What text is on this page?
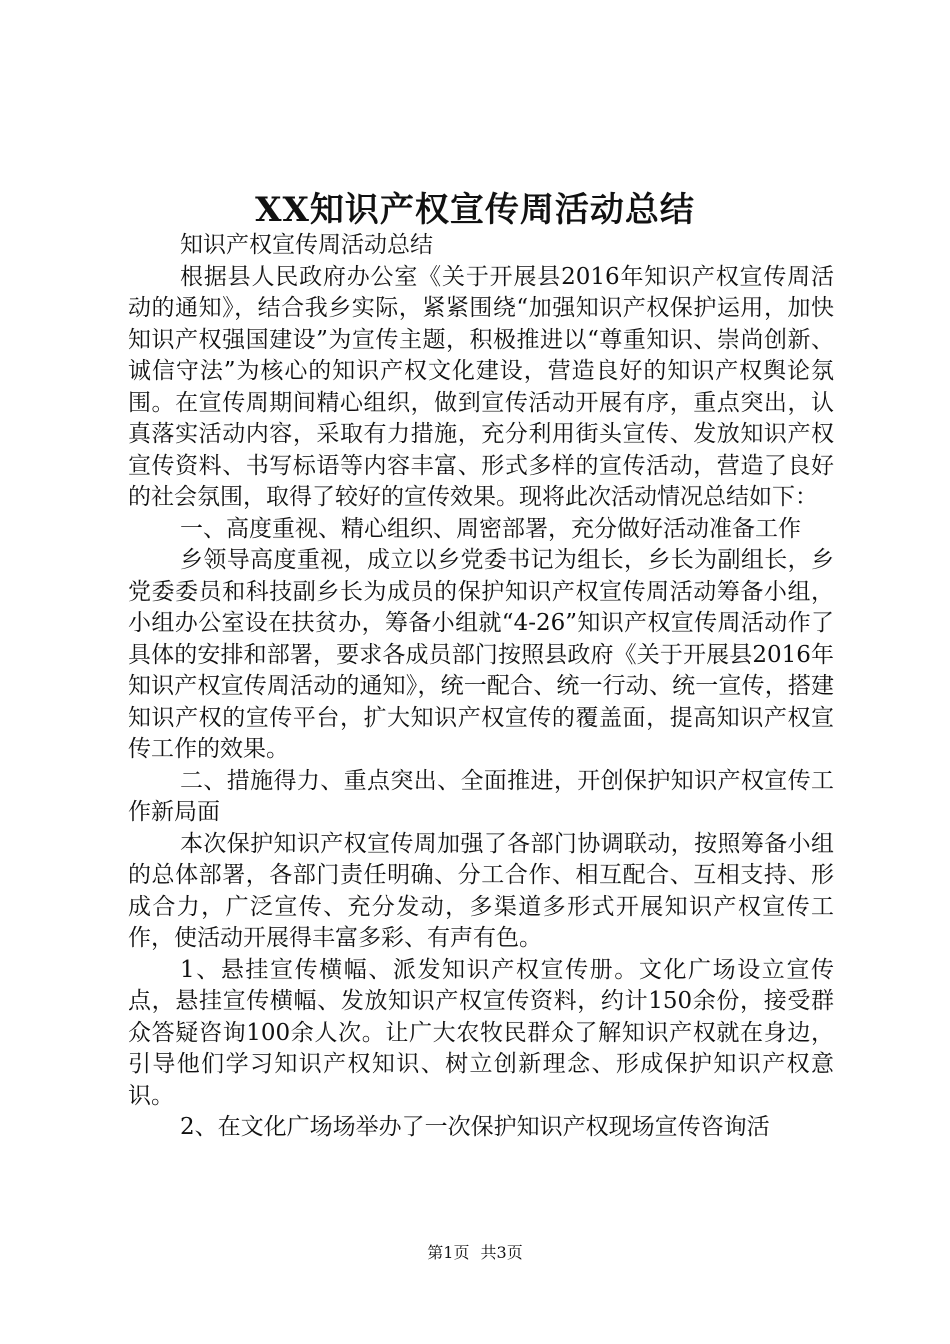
XX知识产权宣传周活动总结

知识产权宣传周活动总结

根据县人民政府办公室《关于开展县2016年知识产权宣传周活动的通知》，结合我乡实际，紧紧围绕“加强知识产权保护运用，加快知识产权强国建设”为宣传主题，积极推进以“尊重知识、崇尚创新、诚信守法”为核心的知识产权文化建设，营造良好的知识产权舆论氛围。在宣传周期间精心组织，做到宣传活动开展有序，重点突出，认真落实活动内容，采取有力措施，充分利用街头宣传、发放知识产权宣传资料、书写标语等内容丰富、形式多样的宣传活动，营造了良好的社会氛围，取得了较好的宣传效果。现将此次活动情况总结如下：

一、高度重视、精心组织、周密部署，充分做好活动准备工作

乡领导高度重视，成立以乡党委书记为组长，乡长为副组长，乡党委委员和科技副乡长为成员的保护知识产权宣传周活动筹备小组，小组办公室设在扶贫办，筹备小组就“4-26”知识产权宣传周活动作了具体的安排和部署，要求各成员部门按照县政府《关于开展县2016年知识产权宣传周活动的通知》，统一配合、统一行动、统一宣传，搭建知识产权的宣传平台，扩大知识产权宣传的覆盖面，提高知识产权宣传工作的效果。

二、措施得力、重点突出、全面推进，开创保护知识产权宣传工作新局面

本次保护知识产权宣传周加强了各部门协调联动，按照筹备小组的总体部署，各部门责任明确、分工合作、相互配合、互相支持、形成合力，广泛宣传、充分发动，多渠道多形式开展知识产权宣传工作，使活动开展得丰富多彩、有声有色。

1、悬挂宣传横幅、派发知识产权宣传册。文化广场设立宣传点，悬挂宣传横幅、发放知识产权宣传资料，约计150余份，接受群众答疑咨询100余人次。让广大农牧民群众了解知识产权就在身边，引导他们学习知识产权知识、树立创新理念、形成保护知识产权意识。

2、在文化广场场举办了一次保护知识产权现场宣传咨询活

第1页 共3页
